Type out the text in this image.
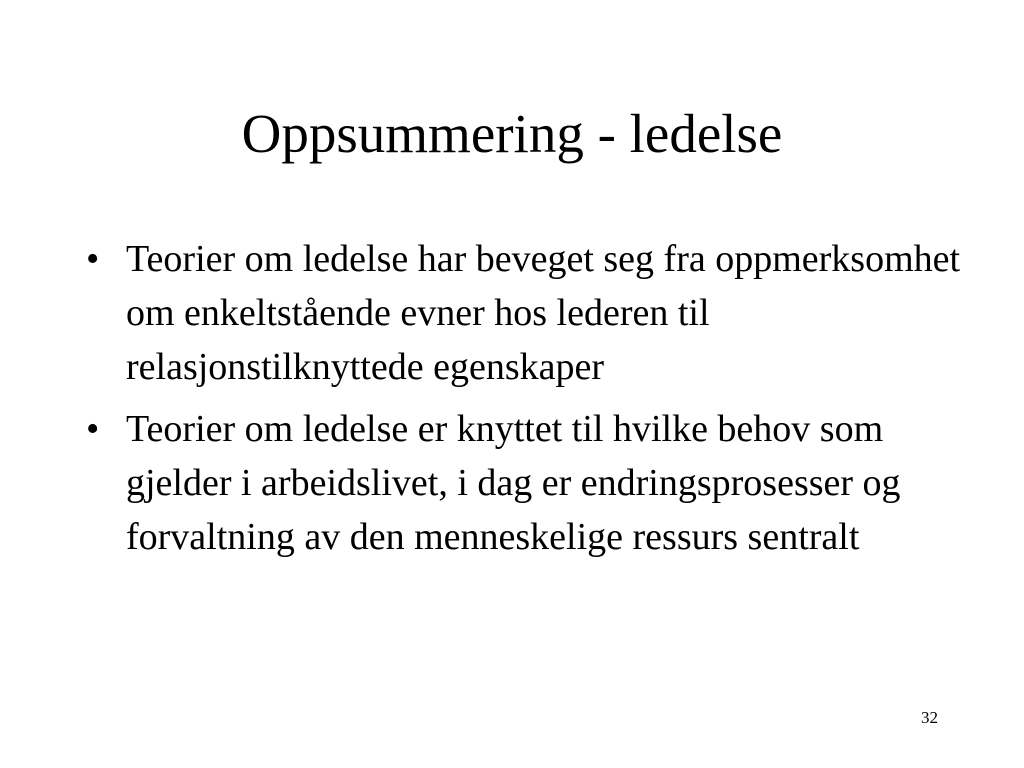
Oppsummering - ledelse
• Teorier om ledelse har beveget seg fra oppmerksomhet om enkeltstående evner hos lederen til relasjonstilknyttede egenskaper
• Teorier om ledelse er knyttet til hvilke behov som gjelder i arbeidslivet, i dag er endringsprosesser og forvaltning av den menneskelige ressurs sentralt
32
